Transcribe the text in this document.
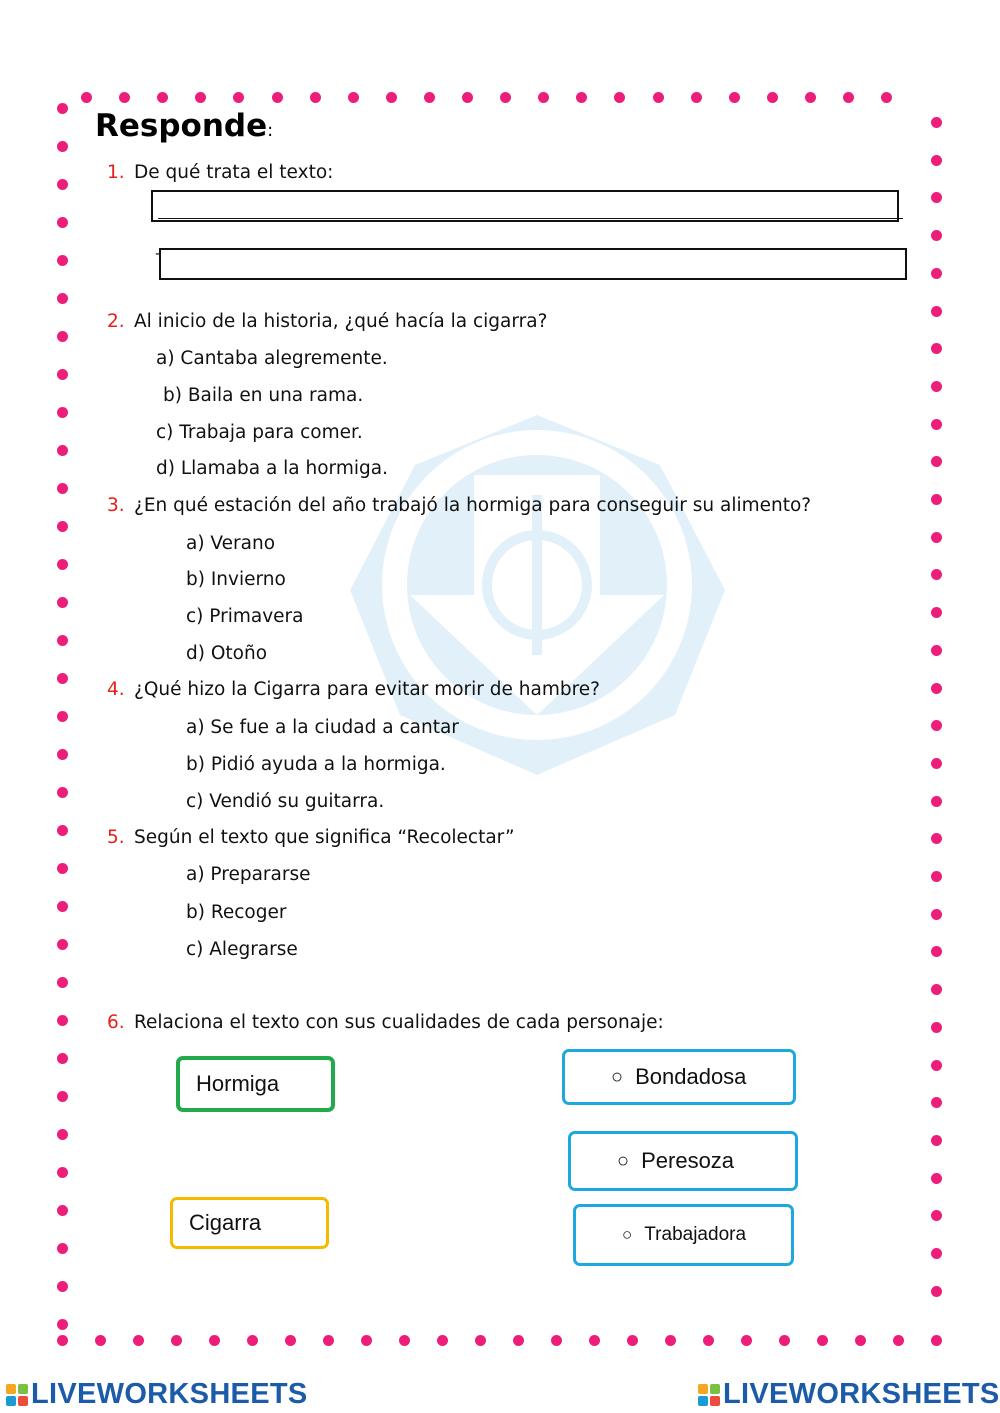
Responde:
1. De qué trata el texto:
-
2. Al inicio de la historia, ¿qué hacía la cigarra?
a) Cantaba alegremente.
b) Baila en una rama.
c) Trabaja para comer.
d) Llamaba a la hormiga.
3. ¿En qué estación del año trabajó la hormiga para conseguir su alimento?
a) Verano
b) Invierno
c) Primavera
d) Otoño
4. ¿Qué hizo la Cigarra para evitar morir de hambre?
a) Se fue a la ciudad a cantar
b) Pidió ayuda a la hormiga.
c) Vendió su guitarra.
5. Según el texto que significa “Recolectar”
a) Prepararse
b) Recoger
c) Alegrarse
6. Relaciona el texto con sus cualidades de cada personaje:
Hormiga
Cigarra
○ Bondadosa
○ Peresoza
○ Trabajadora
LIVEWORKSHEETS	LIVEWORKSHEETS
